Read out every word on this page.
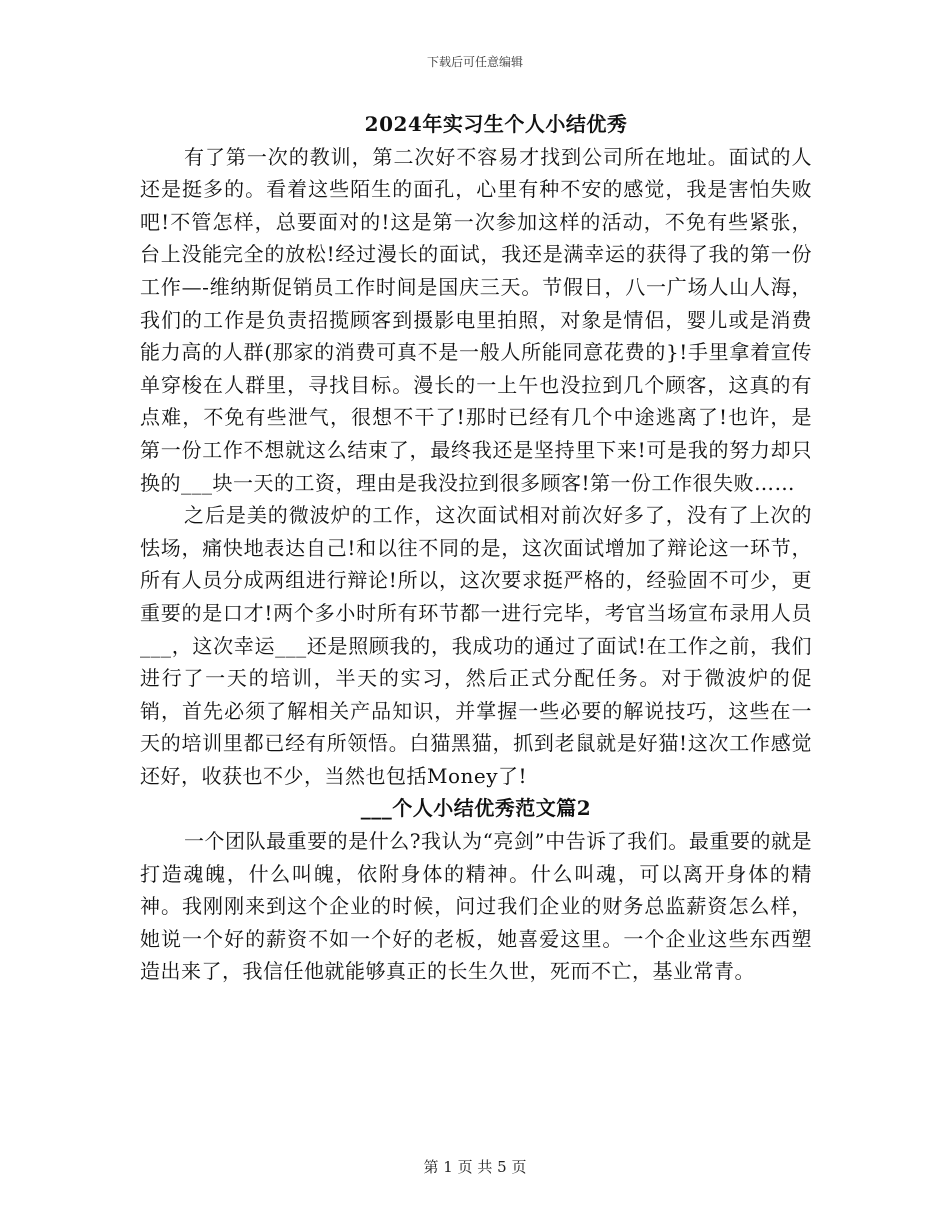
下载后可任意编辑
2024年实习生个人小结优秀

有了第一次的教训，第二次好不容易才找到公司所在地址。面试的人还是挺多的。看着这些陌生的面孔，心里有种不安的感觉，我是害怕失败吧!不管怎样，总要面对的!这是第一次参加这样的活动，不免有些紧张，台上没能完全的放松!经过漫长的面试，我还是满幸运的获得了我的第一份工作—-维纳斯促销员工作时间是国庆三天。节假日，八一广场人山人海，我们的工作是负责招揽顾客到摄影电里拍照，对象是情侣，婴儿或是消费能力高的人群(那家的消费可真不是一般人所能同意花费的}!手里拿着宣传单穿梭在人群里，寻找目标。漫长的一上午也没拉到几个顾客，这真的有点难，不免有些泄气，很想不干了!那时已经有几个中途逃离了!也许，是第一份工作不想就这么结束了，最终我还是坚持里下来!可是我的努力却只换的___块一天的工资，理由是我没拉到很多顾客!第一份工作很失败……

之后是美的微波炉的工作，这次面试相对前次好多了，没有了上次的怯场，痛快地表达自己!和以往不同的是，这次面试增加了辩论这一环节，所有人员分成两组进行辩论!所以，这次要求挺严格的，经验固不可少，更重要的是口才!两个多小时所有环节都一进行完毕，考官当场宣布录用人员___，这次幸运___还是照顾我的，我成功的通过了面试!在工作之前，我们进行了一天的培训，半天的实习，然后正式分配任务。对于微波炉的促销，首先必须了解相关产品知识，并掌握一些必要的解说技巧，这些在一天的培训里都已经有所领悟。白猫黑猫，抓到老鼠就是好猫!这次工作感觉还好，收获也不少，当然也包括Money了!

___个人小结优秀范文篇2

一个团队最重要的是什么?我认为“亮剑”中告诉了我们。最重要的就是打造魂魄，什么叫魄，依附身体的精神。什么叫魂，可以离开身体的精神。我刚刚来到这个企业的时候，问过我们企业的财务总监薪资怎么样，她说一个好的薪资不如一个好的老板，她喜爱这里。一个企业这些东西塑造出来了，我信任他就能够真正的长生久世，死而不亡，基业常青。

第 1 页 共 5 页
